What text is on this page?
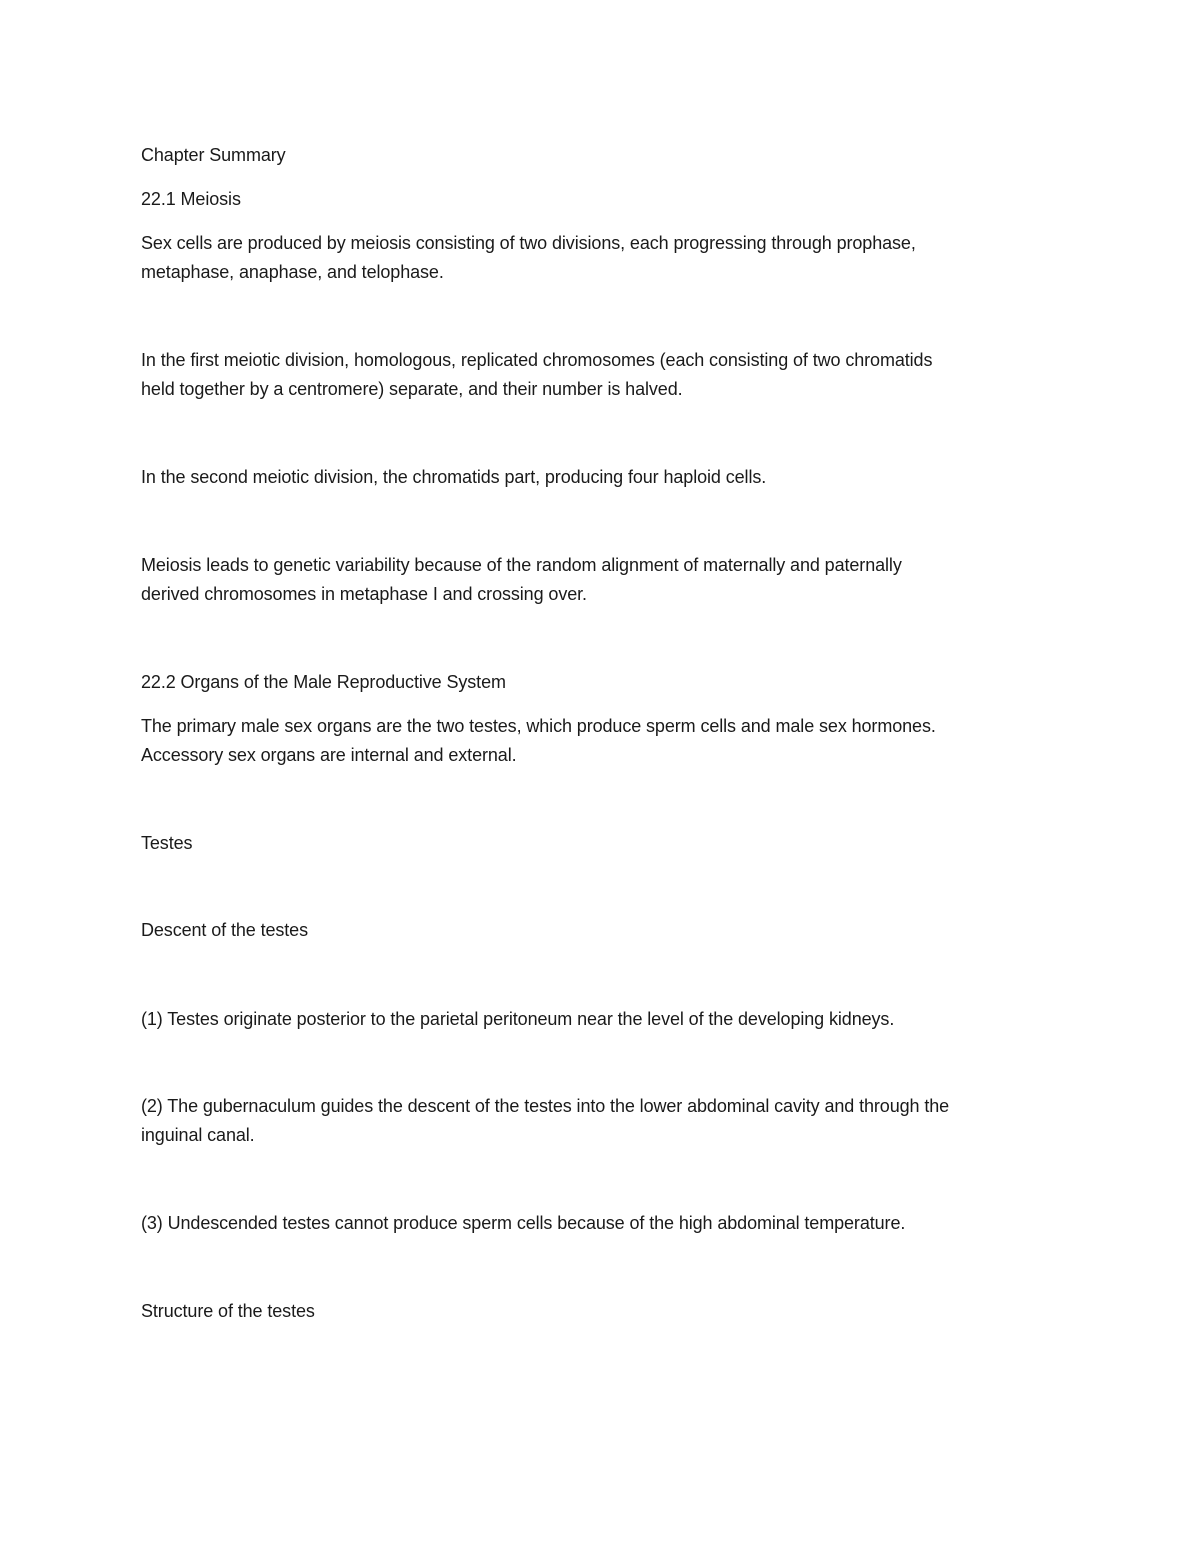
Chapter Summary
22.1 Meiosis
Sex cells are produced by meiosis consisting of two divisions, each progressing through prophase,
metaphase, anaphase, and telophase.
In the first meiotic division, homologous, replicated chromosomes (each consisting of two chromatids
held together by a centromere) separate, and their number is halved.
In the second meiotic division, the chromatids part, producing four haploid cells.
Meiosis leads to genetic variability because of the random alignment of maternally and paternally
derived chromosomes in metaphase I and crossing over.
22.2 Organs of the Male Reproductive System
The primary male sex organs are the two testes, which produce sperm cells and male sex hormones.
Accessory sex organs are internal and external.
Testes
Descent of the testes
(1) Testes originate posterior to the parietal peritoneum near the level of the developing kidneys.
(2) The gubernaculum guides the descent of the testes into the lower abdominal cavity and through the
inguinal canal.
(3) Undescended testes cannot produce sperm cells because of the high abdominal temperature.
Structure of the testes
